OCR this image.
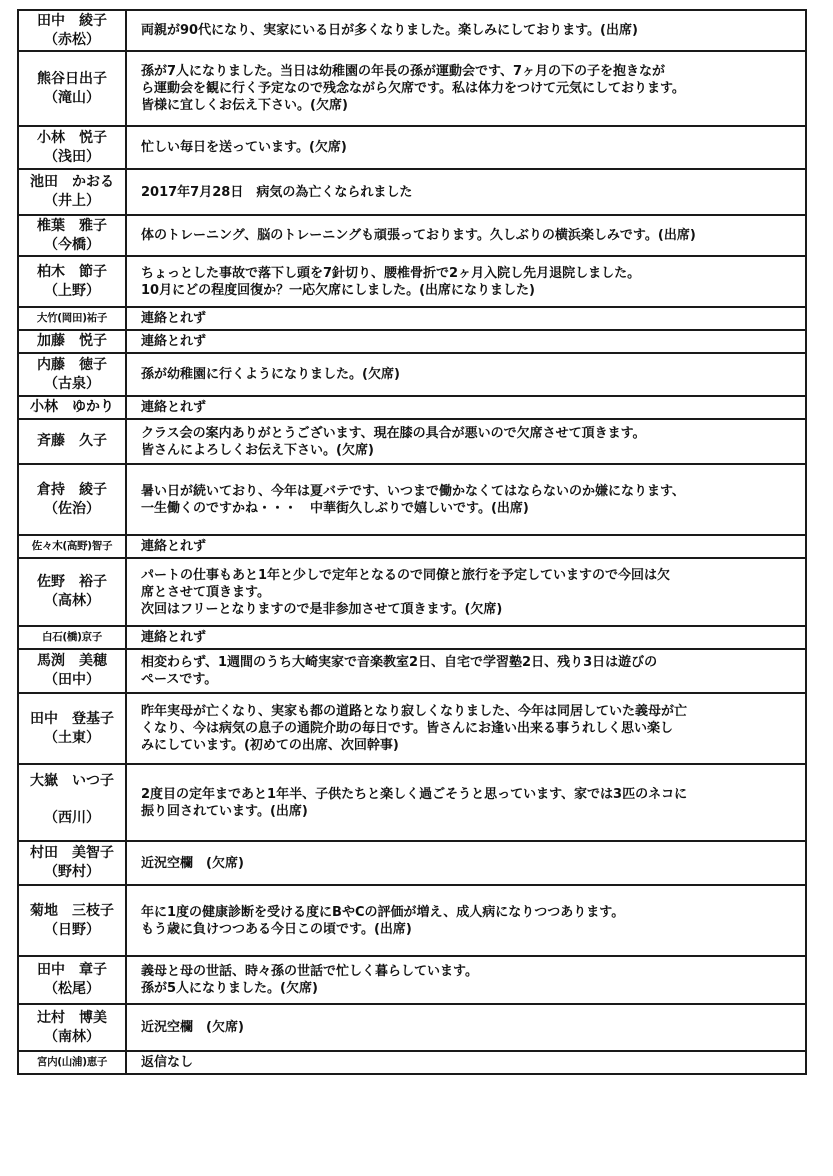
田中　綾子
（赤松）	両親が90代になり、実家にいる日が多くなりました。楽しみにしております。(出席)

熊谷日出子
（滝山）	孫が7人になりました。当日は幼稚園の年長の孫が運動会です、7ヶ月の下の子を抱きなが
ら運動会を観に行く予定なので残念ながら欠席です。私は体力をつけて元気にしております。
皆様に宜しくお伝え下さい。(欠席)

小林　悦子
（浅田）	忙しい毎日を送っています。(欠席)

池田　かおる
（井上）	2017年7月28日　病気の為亡くなられました

椎葉　雅子
（今橋）	体のトレーニング、脳のトレーニングも頑張っております。久しぶりの横浜楽しみです。(出席)

柏木　節子
（上野）	ちょっとした事故で落下し頭を7針切り、腰椎骨折で2ヶ月入院し先月退院しました。
10月にどの程度回復か？一応欠席にしました。(出席になりました)

大竹(岡田)祐子	連絡とれず

加藤　悦子	連絡とれず

内藤　徳子
（古泉）	孫が幼稚園に行くようになりました。(欠席)

小林　ゆかり	連絡とれず

斉藤　久子	クラス会の案内ありがとうございます、現在膝の具合が悪いので欠席させて頂きます。
皆さんによろしくお伝え下さい。(欠席)

倉持　綾子
（佐治）	暑い日が続いており、今年は夏バテです、いつまで働かなくてはならないのか嫌になります、
一生働くのですかね・・・　中華街久しぶりで嬉しいです。(出席)

佐々木(高野)智子	連絡とれず

佐野　裕子
（高林）	パートの仕事もあと1年と少しで定年となるので同僚と旅行を予定していますので今回は欠
席とさせて頂きます。
次回はフリーとなりますので是非参加させて頂きます。(欠席)

白石(橋)京子	連絡とれず

馬渕　美穂
（田中）	相変わらず、1週間のうち大崎実家で音楽教室2日、自宅で学習塾2日、残り3日は遊びの
ペースです。

田中　登基子
（土東）	昨年実母が亡くなり、実家も都の道路となり寂しくなりました、今年は同居していた義母が亡
くなり、今は病気の息子の通院介助の毎日です。皆さんにお逢い出来る事うれしく思い楽し
みにしています。(初めての出席、次回幹事)

大嶽　いつ子
（西川）	2度目の定年まであと1年半、子供たちと楽しく過ごそうと思っています、家では3匹のネコに
振り回されています。(出席)

村田　美智子
（野村）	近況空欄　(欠席)

菊地　三枝子
（日野）	年に1度の健康診断を受ける度にBやCの評価が増え、成人病になりつつあります。
もう歳に負けつつある今日この頃です。(出席)

田中　章子
（松尾）	義母と母の世話、時々孫の世話で忙しく暮らしています。
孫が5人になりました。(欠席)

辻村　博美
（南林）	近況空欄　(欠席)

宮内(山浦)恵子	返信なし
